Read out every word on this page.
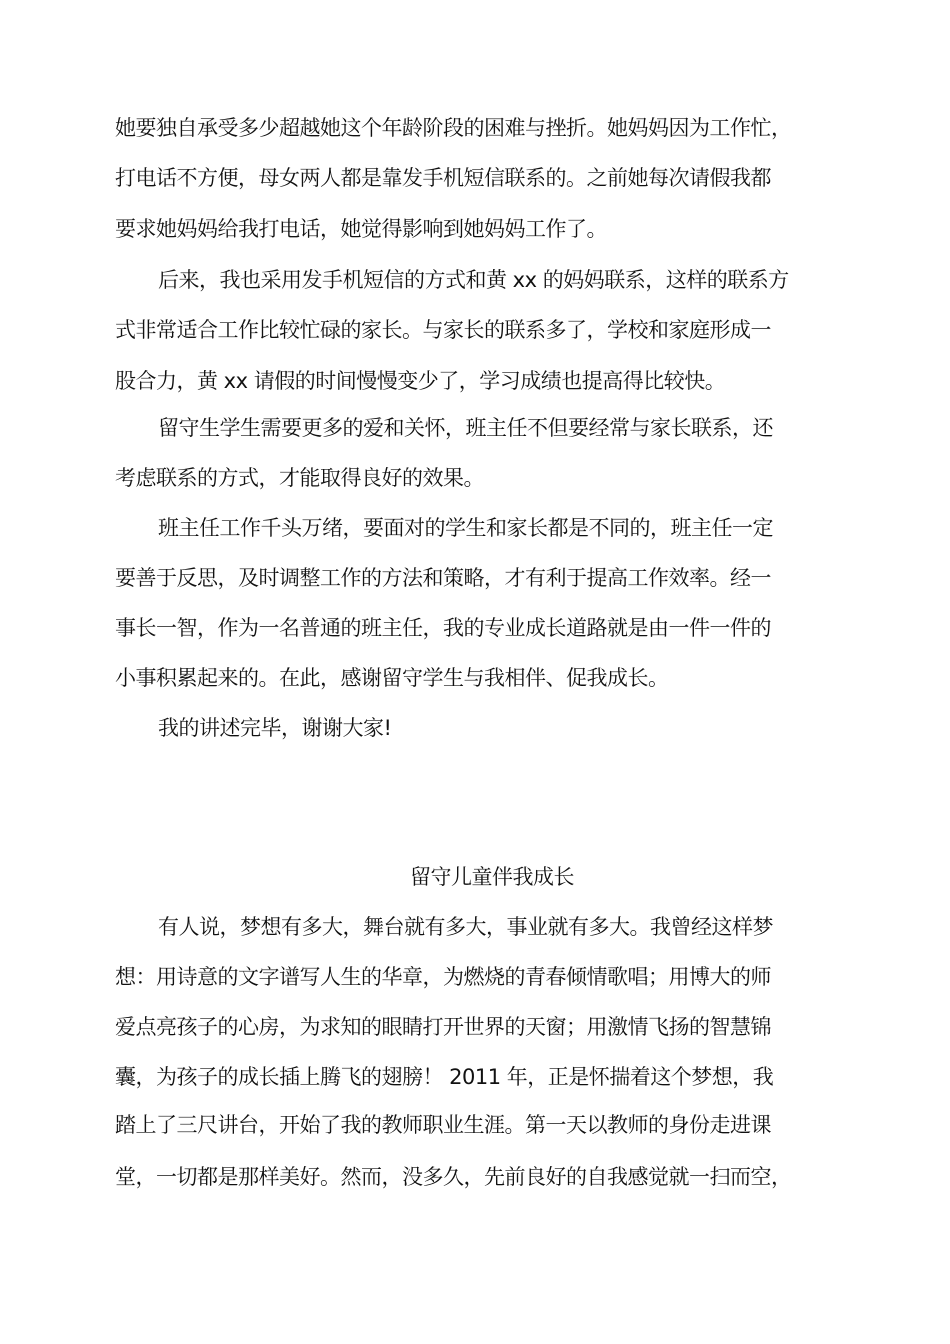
她要独自承受多少超越她这个年龄阶段的困难与挫折。她妈妈因为工作忙，
打电话不方便，母女两人都是靠发手机短信联系的。之前她每次请假我都
要求她妈妈给我打电话，她觉得影响到她妈妈工作了。
后来，我也采用发手机短信的方式和黄 xx 的妈妈联系，这样的联系方
式非常适合工作比较忙碌的家长。与家长的联系多了，学校和家庭形成一
股合力，黄 xx 请假的时间慢慢变少了，学习成绩也提高得比较快。
留守生学生需要更多的爱和关怀，班主任不但要经常与家长联系，还
考虑联系的方式，才能取得良好的效果。
班主任工作千头万绪，要面对的学生和家长都是不同的，班主任一定
要善于反思，及时调整工作的方法和策略，才有利于提高工作效率。经一
事长一智，作为一名普通的班主任，我的专业成长道路就是由一件一件的
小事积累起来的。在此，感谢留守学生与我相伴、促我成长。
我的讲述完毕，谢谢大家!
留守儿童伴我成长
有人说，梦想有多大，舞台就有多大，事业就有多大。我曾经这样梦
想：用诗意的文字谱写人生的华章，为燃烧的青春倾情歌唱；用博大的师
爱点亮孩子的心房，为求知的眼睛打开世界的天窗；用激情飞扬的智慧锦
囊，为孩子的成长插上腾飞的翅膀！ 2011 年，正是怀揣着这个梦想，我
踏上了三尺讲台，开始了我的教师职业生涯。第一天以教师的身份走进课
堂，一切都是那样美好。然而，没多久，先前良好的自我感觉就一扫而空，
